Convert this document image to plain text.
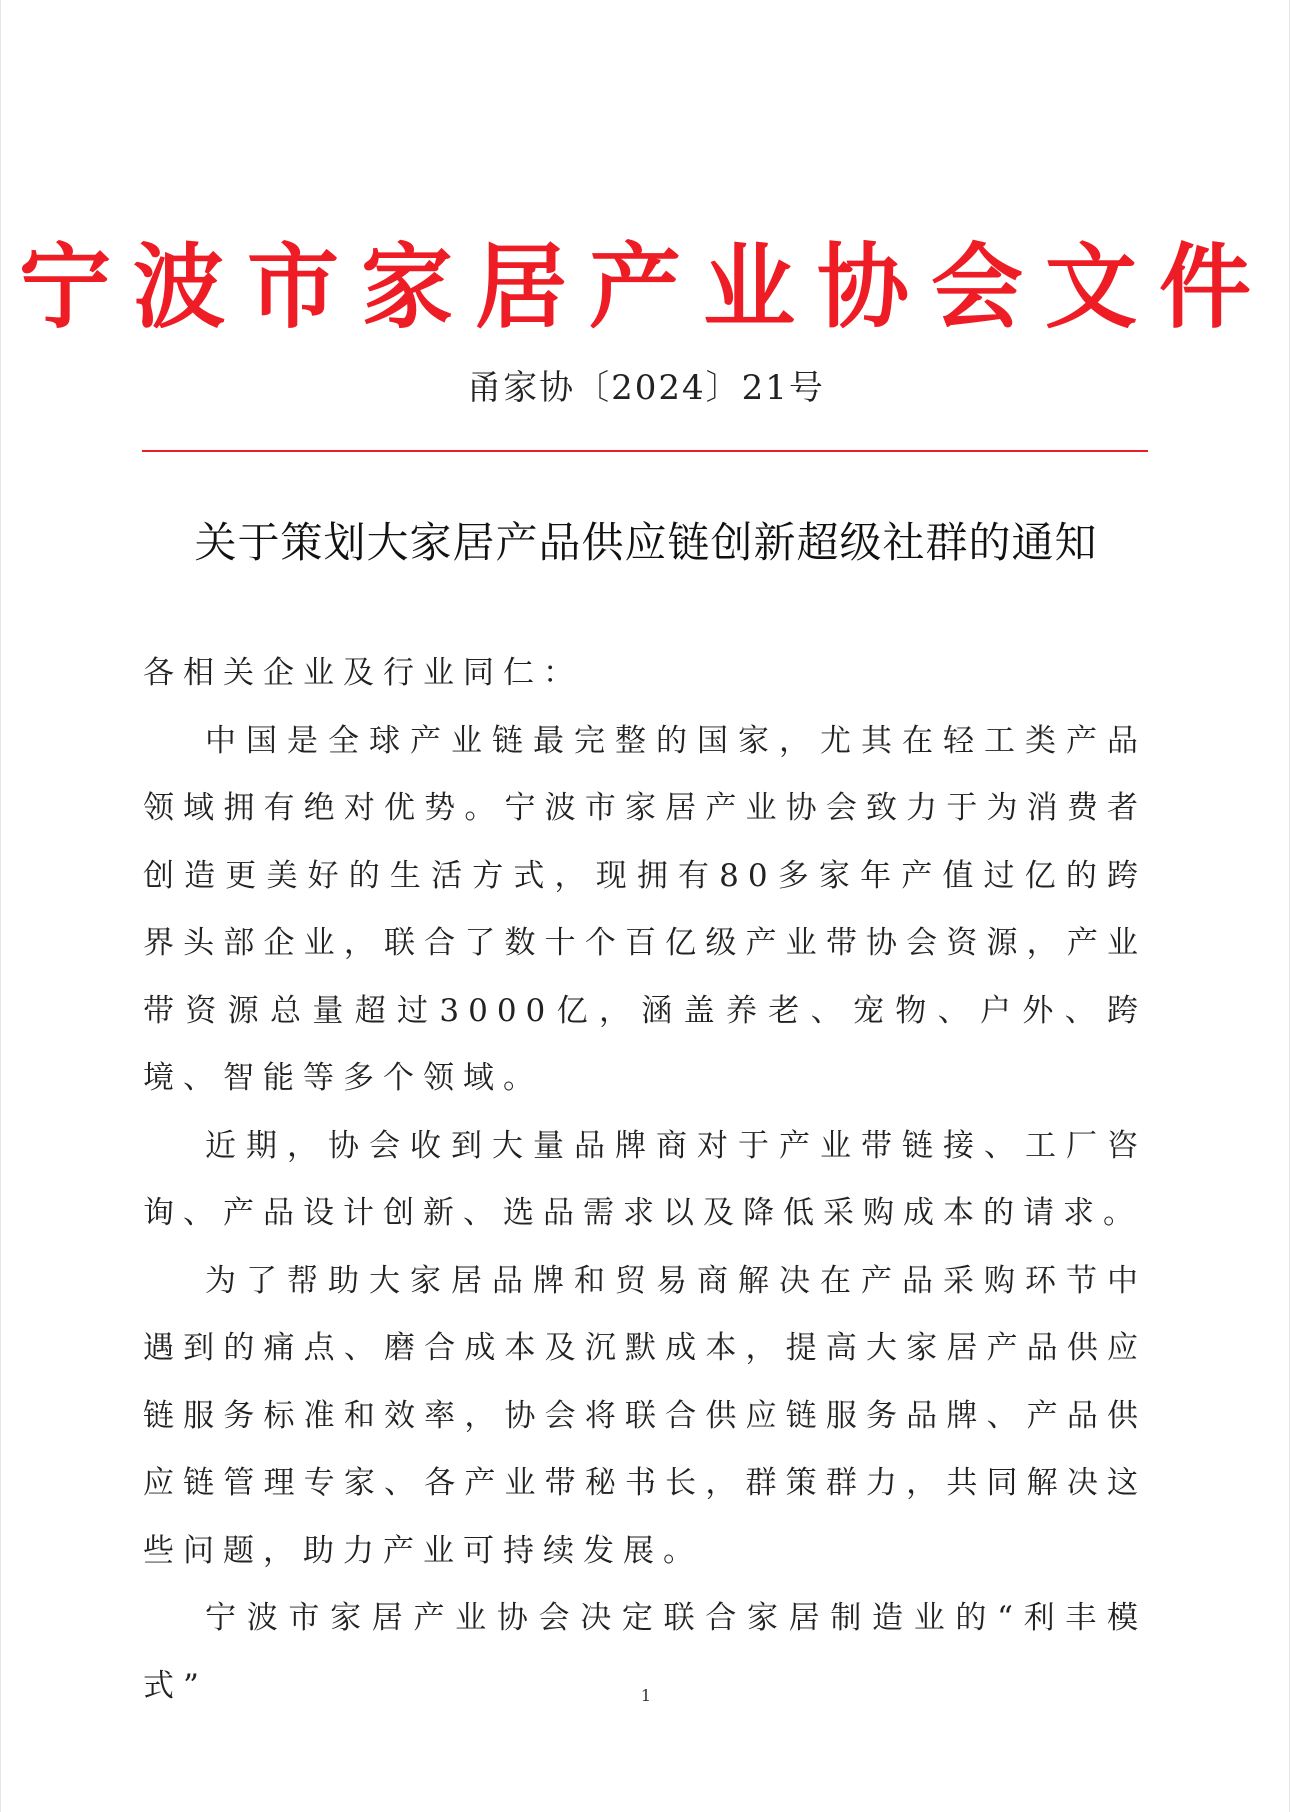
宁波市家居产业协会文件
甬家协〔2024〕21号
关于策划大家居产品供应链创新超级社群的通知

各相关企业及行业同仁：

中国是全球产业链最完整的国家，尤其在轻工类产品领域拥有绝对优势。宁波市家居产业协会致力于为消费者创造更美好的生活方式，现拥有80多家年产值过亿的跨界头部企业，联合了数十个百亿级产业带协会资源，产业带资源总量超过3000亿，涵盖养老、宠物、户外、跨境、智能等多个领域。

近期，协会收到大量品牌商对于产业带链接、工厂咨询、产品设计创新、选品需求以及降低采购成本的请求。

为了帮助大家居品牌和贸易商解决在产品采购环节中遇到的痛点、磨合成本及沉默成本，提高大家居产品供应链服务标准和效率，协会将联合供应链服务品牌、产品供应链管理专家、各产业带秘书长，群策群力，共同解决这些问题，助力产业可持续发展。

宁波市家居产业协会决定联合家居制造业的“利丰模式”	1
